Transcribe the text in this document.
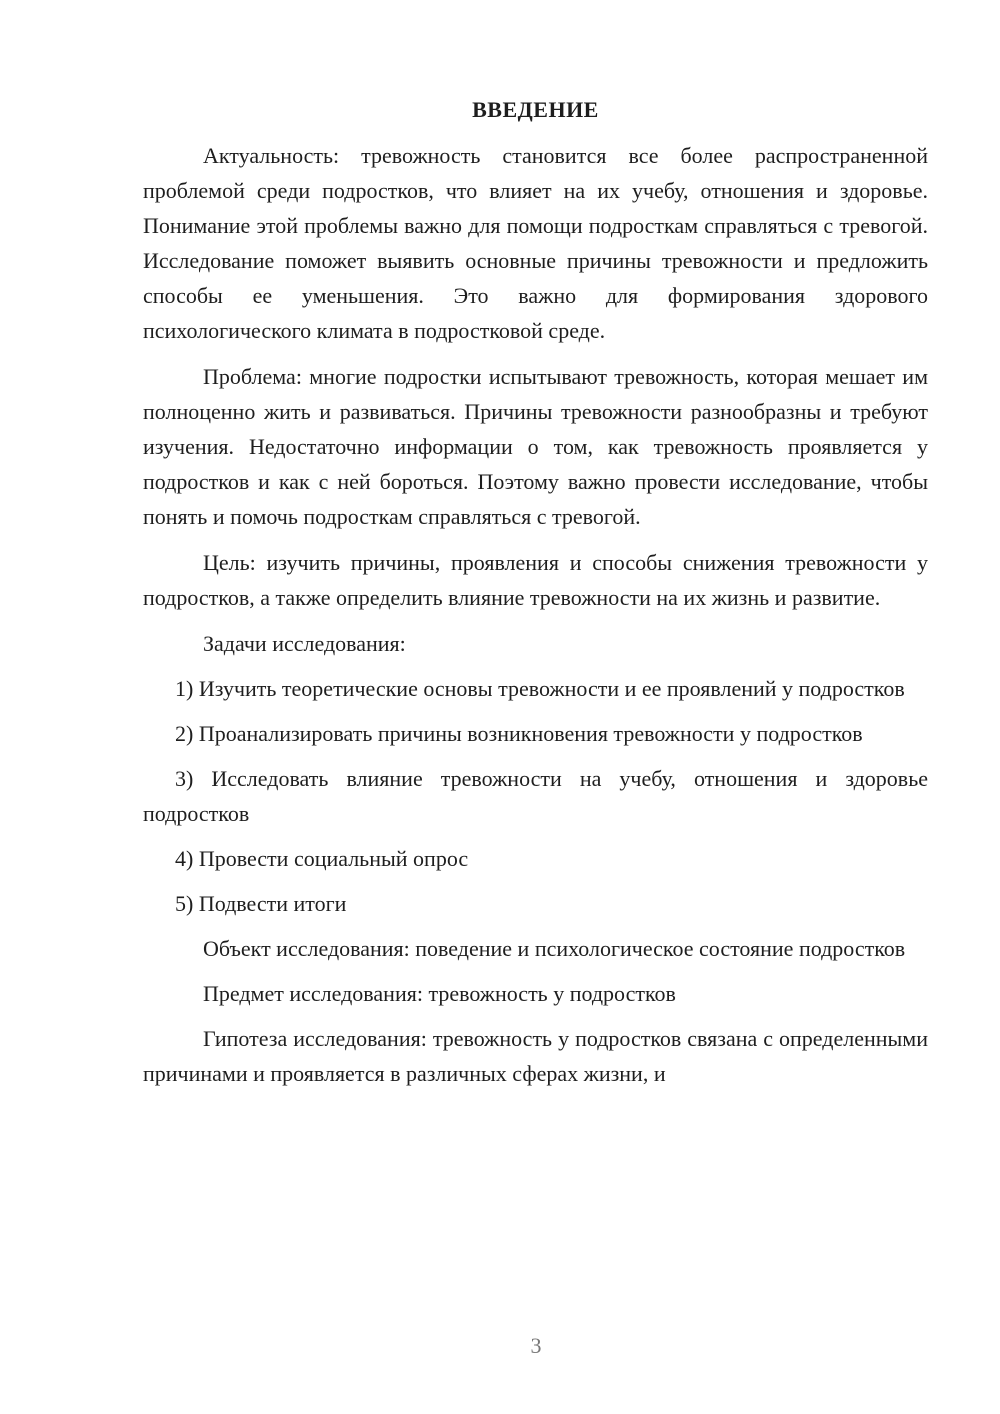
ВВЕДЕНИЕ

Актуальность: тревожность становится все более распространенной проблемой среди подростков, что влияет на их учебу, отношения и здоровье. Понимание этой проблемы важно для помощи подросткам справляться с тревогой. Исследование поможет выявить основные причины тревожности и предложить способы ее уменьшения. Это важно для формирования здорового психологического климата в подростковой среде.

Проблема: многие подростки испытывают тревожность, которая мешает им полноценно жить и развиваться. Причины тревожности разнообразны и требуют изучения. Недостаточно информации о том, как тревожность проявляется у подростков и как с ней бороться. Поэтому важно провести исследование, чтобы понять и помочь подросткам справляться с тревогой.

Цель: изучить причины, проявления и способы снижения тревожности у подростков, а также определить влияние тревожности на их жизнь и развитие.

Задачи исследования:

1) Изучить теоретические основы тревожности и ее проявлений у подростков

2) Проанализировать причины возникновения тревожности у подростков

3) Исследовать влияние тревожности на учебу, отношения и здоровье подростков

4) Провести социальный опрос

5) Подвести итоги

Объект исследования: поведение и психологическое состояние подростков

Предмет исследования: тревожность у подростков

Гипотеза исследования: тревожность у подростков связана с определенными причинами и проявляется в различных сферах жизни, и

3
